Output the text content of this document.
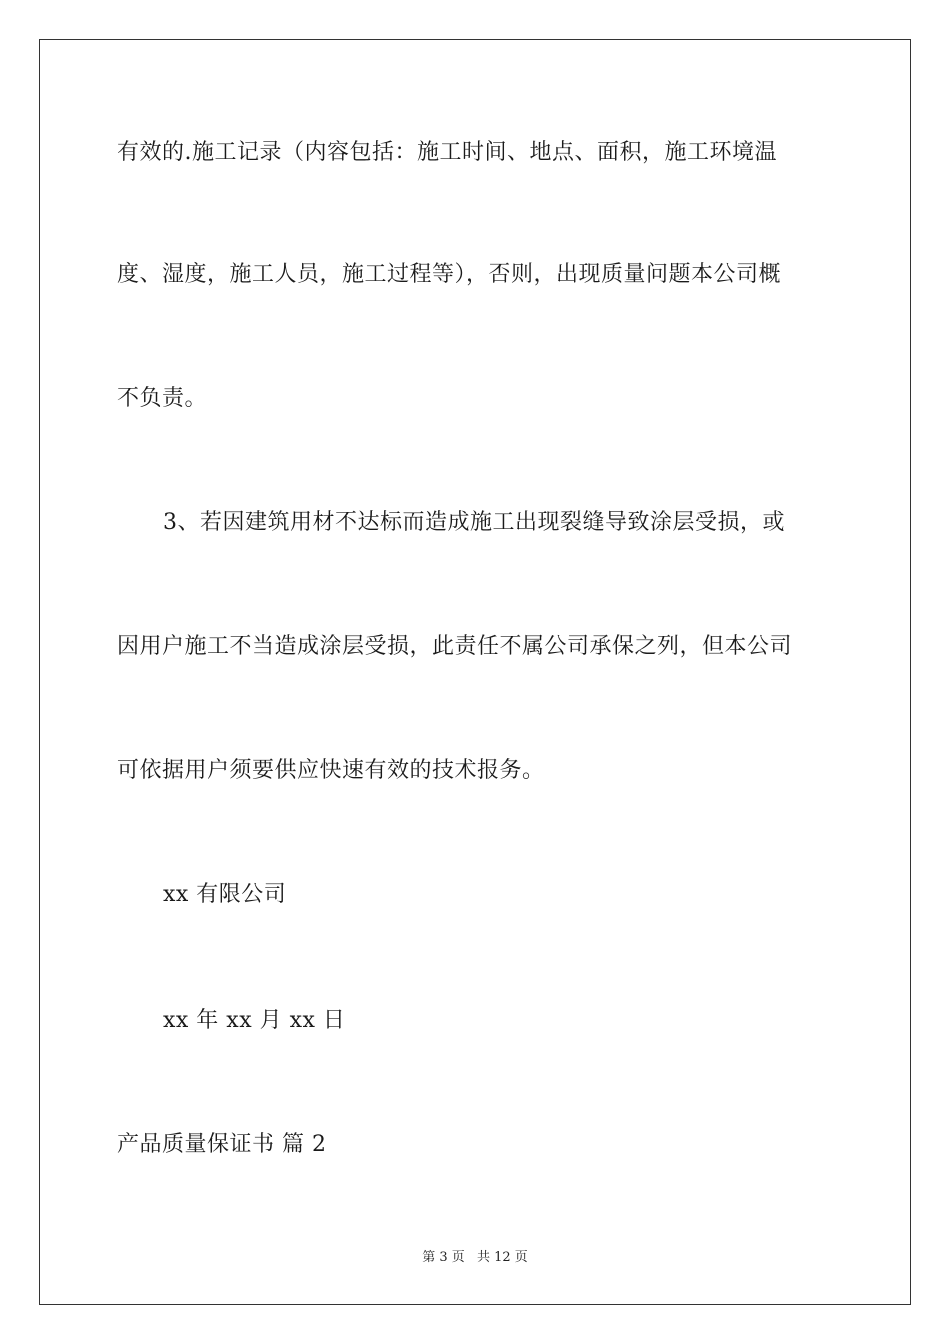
有效的.施工记录（内容包括：施工时间、地点、面积，施工环境温
度、湿度，施工人员，施工过程等），否则，出现质量问题本公司概
不负责。
3、若因建筑用材不达标而造成施工出现裂缝导致涂层受损，或
因用户施工不当造成涂层受损，此责任不属公司承保之列，但本公司
可依据用户须要供应快速有效的技术报务。
xx 有限公司
xx 年 xx 月 xx 日
产品质量保证书 篇 2
第 3 页 共 12 页
